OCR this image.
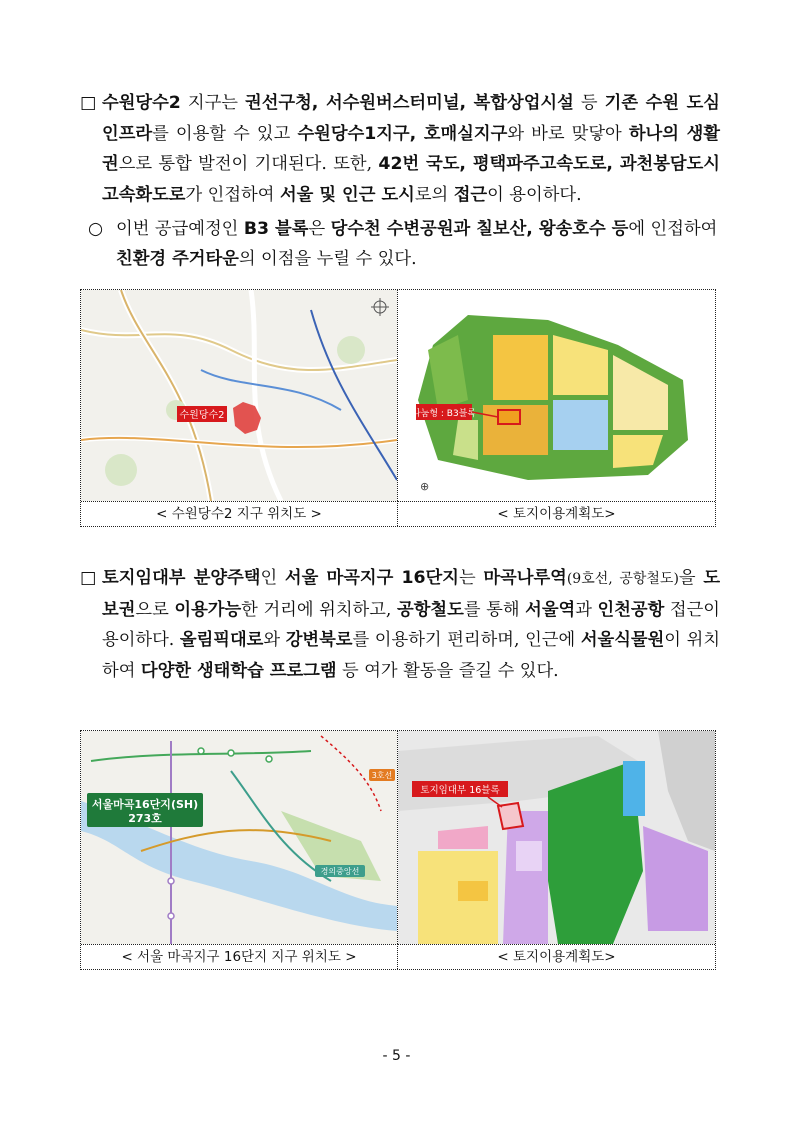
□ 수원당수2 지구는 권선구청, 서수원버스터미널, 복합상업시설 등 기존 수원 도심인프라를 이용할 수 있고 수원당수1지구, 호매실지구와 바로 맞닿아 하나의 생활권으로 통합 발전이 기대된다. 또한, 42번 국도, 평택파주고속도로, 과천봉담도시고속화도로가 인접하여 서울 및 인근 도시로의 접근이 용이하다.
○ 이번 공급예정인 B3 블록은 당수천 수변공원과 칠보산, 왕송호수 등에 인접하여 친환경 주거타운의 이점을 누릴 수 있다.
수원당수2	나눔형 : B3블록
⊕
< 수원당수2 지구 위치도 >	< 토지이용계획도>
□ 토지임대부 분양주택인 서울 마곡지구 16단지는 마곡나루역(9호선, 공항철도)을 도보권으로 이용가능한 거리에 위치하고, 공항철도를 통해 서울역과 인천공항 접근이 용이하다. 올림픽대로와 강변북로를 이용하기 편리하며, 인근에 서울식물원이 위치하여 다양한 생태학습 프로그램 등 여가 활동을 즐길 수 있다.
서울마곡16단지(SH)
273호
3호선
경의중앙선
토지임대부 16블록
< 서울 마곡지구 16단지 지구 위치도 >	< 토지이용계획도>
- 5 -
